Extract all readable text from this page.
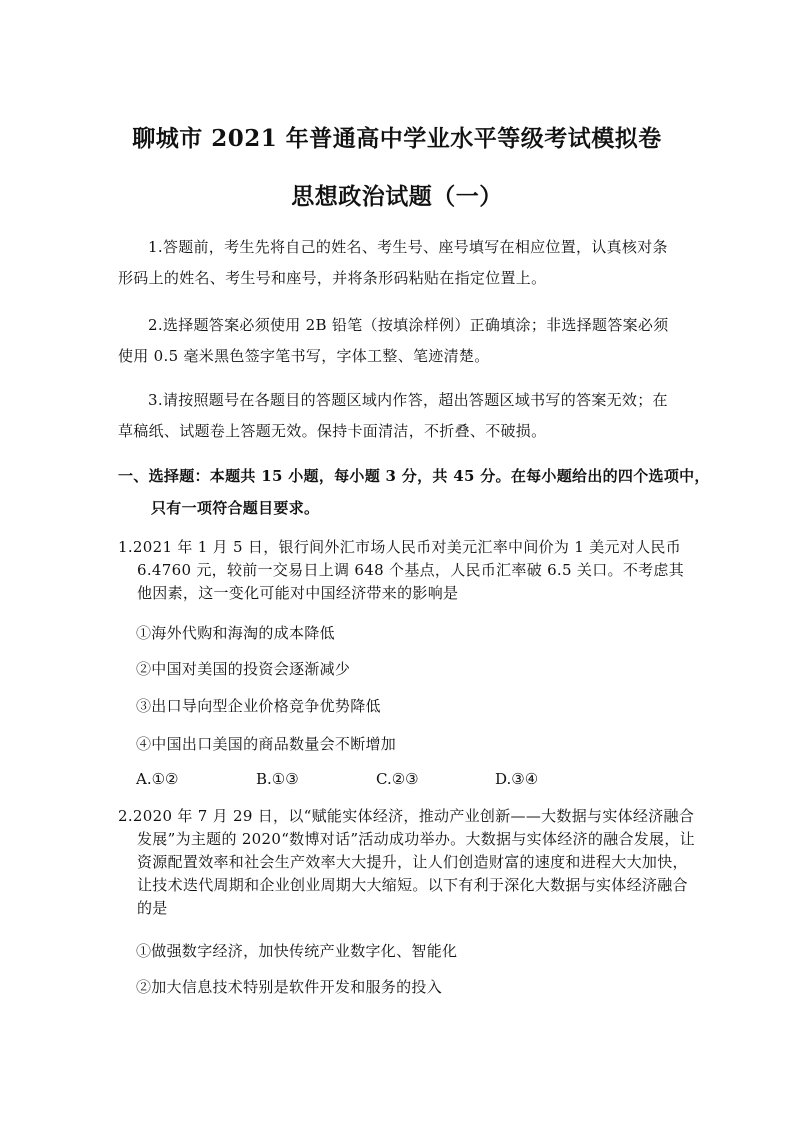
聊城市 2021 年普通高中学业水平等级考试模拟卷
思想政治试题（一）

1.答题前，考生先将自己的姓名、考生号、座号填写在相应位置，认真核对条形码上的姓名、考生号和座号，并将条形码粘贴在指定位置上。

2.选择题答案必须使用 2B 铅笔（按填涂样例）正确填涂；非选择题答案必须使用 0.5 毫米黑色签字笔书写，字体工整、笔迹清楚。

3.请按照题号在各题目的答题区域内作答，超出答题区域书写的答案无效；在草稿纸、试题卷上答题无效。保持卡面清洁，不折叠、不破损。

一、选择题：本题共 15 小题，每小题 3 分，共 45 分。在每小题给出的四个选项中，只有一项符合题目要求。

1.2021 年 1 月 5 日，银行间外汇市场人民币对美元汇率中间价为 1 美元对人民币 6.4760 元，较前一交易日上调 648 个基点，人民币汇率破 6.5 关口。不考虑其他因素，这一变化可能对中国经济带来的影响是

①海外代购和海淘的成本降低
②中国对美国的投资会逐渐减少
③出口导向型企业价格竞争优势降低
④中国出口美国的商品数量会不断增加
A.①②	B.①③	C.②③	D.③④

2.2020 年 7 月 29 日，以“赋能实体经济，推动产业创新——大数据与实体经济融合发展”为主题的 2020“数博对话”活动成功举办。大数据与实体经济的融合发展，让资源配置效率和社会生产效率大大提升，让人们创造财富的速度和进程大大加快，让技术迭代周期和企业创业周期大大缩短。以下有利于深化大数据与实体经济融合的是

①做强数字经济，加快传统产业数字化、智能化
②加大信息技术特别是软件开发和服务的投入
